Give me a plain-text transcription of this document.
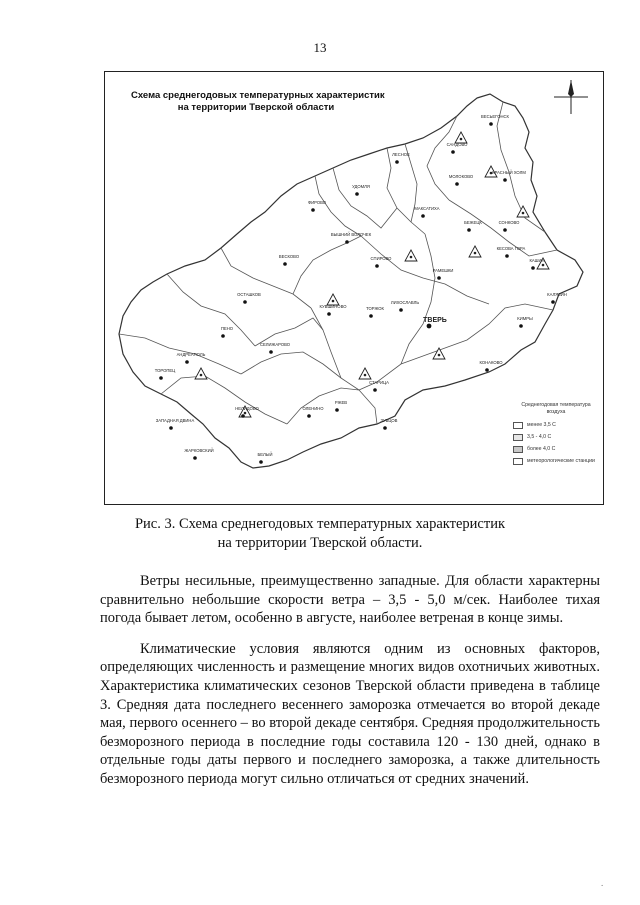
13
Схема среднегодовых температурных характеристик
на территории Тверской области
ВЕСЬЕГОНСК
САНДОВО
ЛЕСНОЕ
МОЛОКОВО
КРАСНЫЙ ХОЛМ
УДОМЛЯ
МАКСАТИХА
СОНКОВО
БЕЖЕЦК
ФИРОВО
ВЫШНИЙ ВОЛОЧЕК
КЕСОВА ГОРА
СПИРОВО
ВЕСКОВО
РАМЕШКИ
КАЛЯЗИН
КАШИН
ОСТАШКОВ
КУВШИНОВО	ТОРЖОК
ЛИХОСЛАВЛЬ
ПЕНО
ТВЕРЬ	КИМРЫ
СЕЛИЖАРОВО
АНДРЕАПОЛЬ
КОНАКОВО
ТОРОПЕЦ
ЗАПАДНАЯ ДВИНА
НЕЛИДОВО	ОЛЕНИНО
РЖЕВ
СТАРИЦА
ЗУБЦОВ
ЖАРКОВСКИЙ
БЕЛЫЙ
Среднегодовая температура воздуха
менее 3,5 С
3,5 - 4,0 С
более 4,0 С
метеорологические станции
Рис. 3. Схема среднегодовых температурных характеристик
на территории Тверской области.

Ветры несильные, преимущественно западные. Для области характерны сравнительно небольшие скорости ветра – 3,5 - 5,0 м/сек. Наиболее тихая погода бывает летом, особенно в августе, наиболее ветреная в конце зимы.

Климатические условия являются одним из основных факторов, определяющих численность и размещение многих видов охотничьих животных. Характеристика климатических сезонов Тверской области приведена в таблице 3. Средняя дата последнего весеннего заморозка отмечается во второй декаде мая, первого осеннего – во второй декаде сентября. Средняя продолжительность безморозного периода в последние годы составила 120 - 130 дней, однако в отдельные годы даты первого и последнего заморозка, а также длительность безморозного периода могут сильно отличаться от средних значений.

.
